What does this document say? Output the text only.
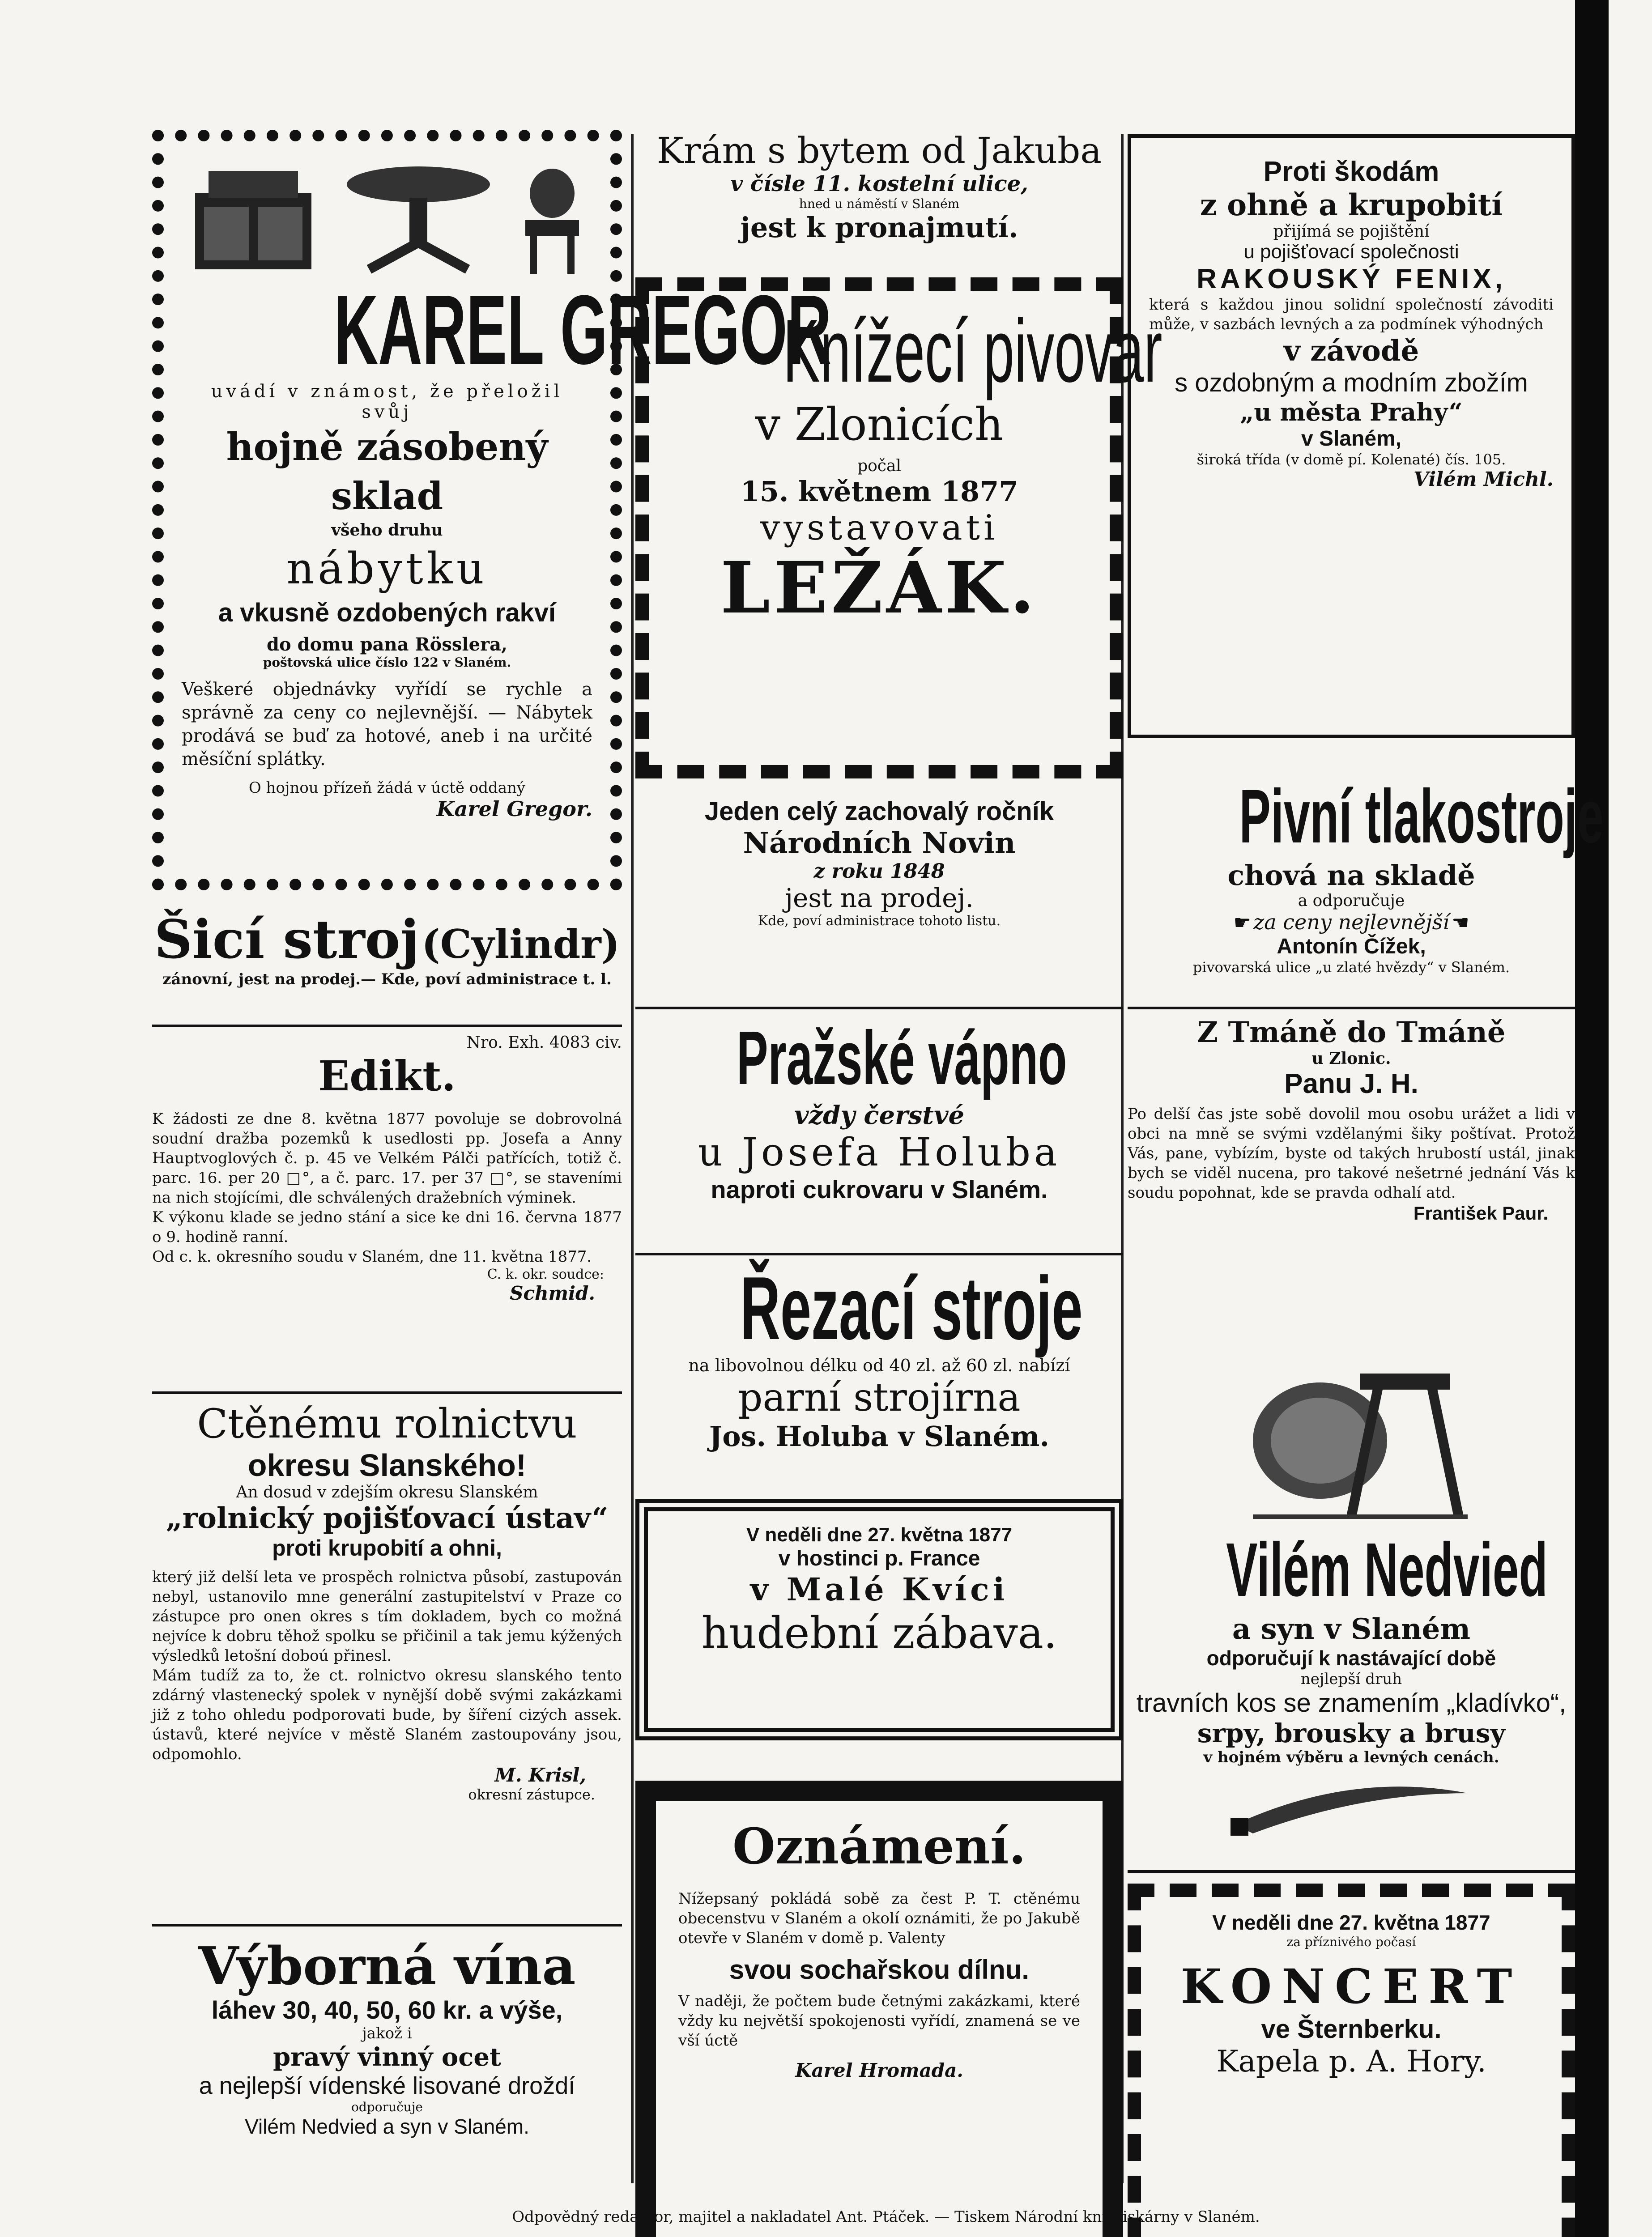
KAREL GREGOR

uvádí v známost, že přeložil svůj

hojně zásobený sklad

všeho druhu

nábytku

a vkusně ozdobených rakví

do domu pana Rösslera,

poštovská ulice číslo 122 v Slaném.

Veškeré objednávky vyřídí se rychle a správně za ceny co nejlevnější. — Nábytek prodává se buď za hotové, aneb i na určité měsíční splátky.

O hojnou přízeň žádá v úctě oddaný

Karel Gregor.

Šicí stroj (Cylindr)

zánovní, jest na prodej.— Kde, poví administrace t. l.

Nro. Exh. 4083 civ.

Edikt.

K žádosti ze dne 8. května 1877 povoluje se dobrovolná soudní dražba pozemků k usedlosti pp. Josefa a Anny Hauptvoglových č. p. 45 ve Velkém Pálči patřících, totiž č. parc. 16. per 20 □°, a č. parc. 17. per 37 □°, se staveními na nich stojícími, dle schválených dražebních výminek.

K výkonu klade se jedno stání a sice ke dni 16. června 1877 o 9. hodině ranní.

Od c. k. okresního soudu v Slaném, dne 11. května 1877.

C. k. okr. soudce:

Schmid.

Ctěnému rolnictvu

okresu Slanského!

An dosud v zdejším okresu Slanském

„rolnický pojišťovací ústav“

proti krupobití a ohni,

který již delší leta ve prospěch rolnictva působí, zastupován nebyl, ustanovilo mne generální zastupitelství v Praze co zástupce pro onen okres s tím dokladem, bych co možná nejvíce k dobru těhož spolku se přičinil a tak jemu kýžených výsledků letošní doboú přinesl.

Mám tudíž za to, že ct. rolnictvo okresu slanského tento zdárný vlastenecký spolek v nynější době svými zakázkami již z toho ohledu podporovati bude, by šíření cizých assek. ústavů, které nejvíce v městě Slaném zastoupovány jsou, odpomohlo.

M. Krisl,

okresní zástupce.

Výborná vína

láhev 30, 40, 50, 60 kr. a výše,

jakož i

pravý vinný ocet

a nejlepší vídenské lisované droždí

odporučuje

Vilém Nedvied a syn v Slaném.

Krám s bytem od Jakuba

v čísle 11. kostelní ulice,

hned u náměstí v Slaném

jest k pronajmutí.

Knížecí pivovar

v Zlonicích

počal

15. květnem 1877

vystavovati

LEŽÁK.

Jeden celý zachovalý ročník

Národních Novin

z roku 1848

jest na prodej.

Kde, poví administrace tohoto listu.

Pražské vápno

vždy čerstvé

u Josefa Holuba

naproti cukrovaru v Slaném.

Řezací stroje

na libovolnou délku od 40 zl. až 60 zl. nabízí

parní strojírna

Jos. Holuba v Slaném.

V neděli dne 27. května 1877

v hostinci p. France

v Malé Kvíci

hudební zábava.

Oznámení.

Nížepsaný pokládá sobě za čest P. T. ctěnému obecenstvu v Slaném a okolí oznámiti, že po Jakubě otevře v Slaném v domě p. Valenty

svou sochařskou dílnu.

V naději, že počtem bude četnými zakázkami, které vždy ku největší spokojenosti vyřídí, znamená se ve vší úctě

Karel Hromada.

Proti škodám

z ohně a krupobití

přijímá se pojištění

u pojišťovací společnosti

RAKOUSKÝ FENIX,

která s každou jinou solidní společností závoditi může, v sazbách levných a za podmínek výhodných

v závodě

s ozdobným a modním zbožím

„u města Prahy“

v Slaném,

široká třída (v domě pí. Kolenaté) čís. 105.

Vilém Michl.

Pivní tlakostroje

chová na skladě

a odporučuje

☛ za ceny nejlevnější ☚

Antonín Čížek,

pivovarská ulice „u zlaté hvězdy“ v Slaném.

Z Tmáně do Tmáně

u Zlonic.

Panu J. H.

Po delší čas jste sobě dovolil mou osobu urážet a lidi v obci na mně se svými vzdělanými šiky poštívat. Protož Vás, pane, vybízím, byste od takých hrubostí ustál, jinak bych se viděl nucena, pro takové nešetrné jednání Vás k soudu popohnat, kde se pravda odhalí atd.

František Paur.

Vilém Nedvied

a syn v Slaném

odporučují k nastávající době

nejlepší druh

travních kos se znamením „kladívko“,

srpy, brousky a brusy

v hojném výběru a levných cenách.

V neděli dne 27. května 1877

za příznivého počasí

KONCERT

ve Šternberku.

Kapela p. A. Hory.

Odpovědný redaktor, majitel a nakladatel Ant. Ptáček. — Tiskem Národní knihtiskárny v Slaném.
